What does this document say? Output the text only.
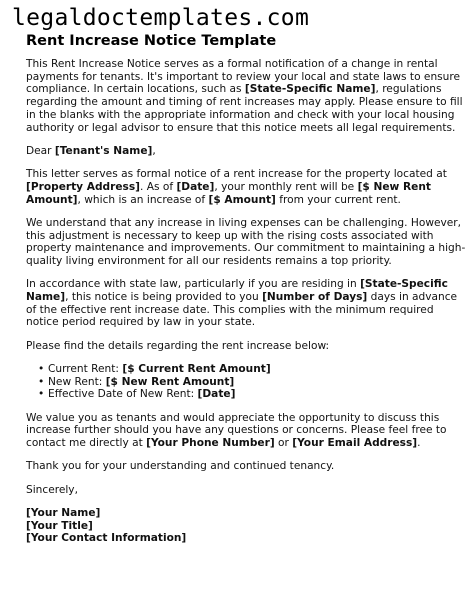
legaldoctemplates.com
Rent Increase Notice Template

This Rent Increase Notice serves as a formal notification of a change in rental payments for tenants. It's important to review your local and state laws to ensure compliance. In certain locations, such as [State-Specific Name], regulations regarding the amount and timing of rent increases may apply. Please ensure to fill in the blanks with the appropriate information and check with your local housing authority or legal advisor to ensure that this notice meets all legal requirements.

Dear [Tenant's Name],

This letter serves as formal notice of a rent increase for the property located at [Property Address]. As of [Date], your monthly rent will be [$ New Rent Amount], which is an increase of [$ Amount] from your current rent.

We understand that any increase in living expenses can be challenging. However, this adjustment is necessary to keep up with the rising costs associated with property maintenance and improvements. Our commitment to maintaining a high-quality living environment for all our residents remains a top priority.

In accordance with state law, particularly if you are residing in [State-Specific Name], this notice is being provided to you [Number of Days] days in advance of the effective rent increase date. This complies with the minimum required notice period required by law in your state.

Please find the details regarding the rent increase below:

• Current Rent: [$ Current Rent Amount]
• New Rent: [$ New Rent Amount]
• Effective Date of New Rent: [Date]

We value you as tenants and would appreciate the opportunity to discuss this increase further should you have any questions or concerns. Please feel free to contact me directly at [Your Phone Number] or [Your Email Address].

Thank you for your understanding and continued tenancy.

Sincerely,

[Your Name]
[Your Title]
[Your Contact Information]
